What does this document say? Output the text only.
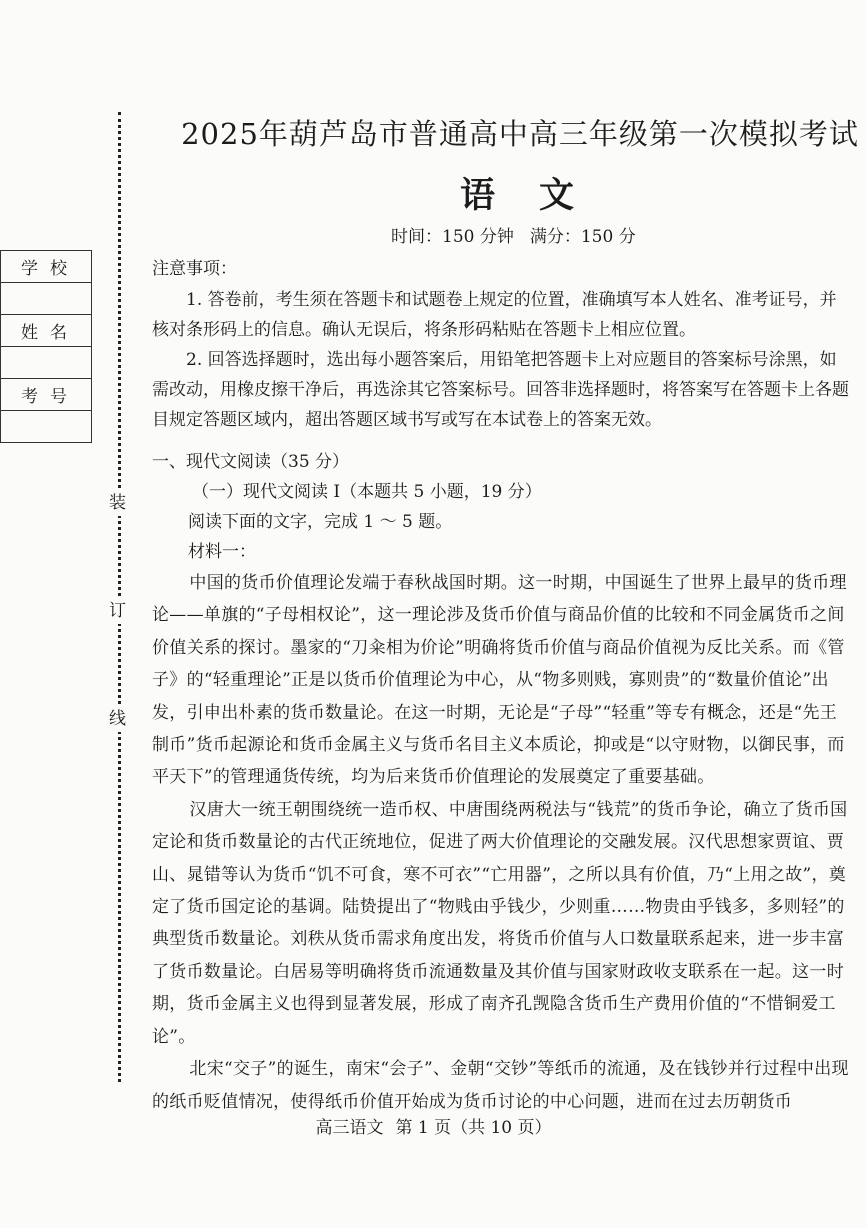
装
订
线
学校

姓名

考号

2025年葫芦岛市普通高中高三年级第一次模拟考试
语文
时间：150 分钟 满分：150 分

注意事项：

1. 答卷前，考生须在答题卡和试题卷上规定的位置，准确填写本人姓名、准考证号，并核对条形码上的信息。确认无误后，将条形码粘贴在答题卡上相应位置。

2. 回答选择题时，选出每小题答案后，用铅笔把答题卡上对应题目的答案标号涂黑，如需改动，用橡皮擦干净后，再选涂其它答案标号。回答非选择题时，将答案写在答题卡上各题目规定答题区域内，超出答题区域书写或写在本试卷上的答案无效。

一、现代文阅读（35 分）

（一）现代文阅读 Ⅰ（本题共 5 小题，19 分）

阅读下面的文字，完成 1 ～ 5 题。

材料一：

中国的货币价值理论发端于春秋战国时期。这一时期，中国诞生了世界上最早的货币理论——单旗的“子母相权论”，这一理论涉及货币价值与商品价值的比较和不同金属货币之间价值关系的探讨。墨家的“刀籴相为价论”明确将货币价值与商品价值视为反比关系。而《管子》的“轻重理论”正是以货币价值理论为中心，从“物多则贱，寡则贵”的“数量价值论”出发，引申出朴素的货币数量论。在这一时期，无论是“子母”“轻重”等专有概念，还是“先王制币”货币起源论和货币金属主义与货币名目主义本质论，抑或是“以守财物，以御民事，而平天下”的管理通货传统，均为后来货币价值理论的发展奠定了重要基础。

汉唐大一统王朝围绕统一造币权、中唐围绕两税法与“钱荒”的货币争论，确立了货币国定论和货币数量论的古代正统地位，促进了两大价值理论的交融发展。汉代思想家贾谊、贾山、晁错等认为货币“饥不可食，寒不可衣”“亡用器”，之所以具有价值，乃“上用之故”，奠定了货币国定论的基调。陆贽提出了“物贱由乎钱少，少则重……物贵由乎钱多，多则轻”的典型货币数量论。刘秩从货币需求角度出发，将货币价值与人口数量联系起来，进一步丰富了货币数量论。白居易等明确将货币流通数量及其价值与国家财政收支联系在一起。这一时期，货币金属主义也得到显著发展，形成了南齐孔觊隐含货币生产费用价值的“不惜铜爱工论”。

北宋“交子”的诞生，南宋“会子”、金朝“交钞”等纸币的流通，及在钱钞并行过程中出现的纸币贬值情况，使得纸币价值开始成为货币讨论的中心问题，进而在过去历朝货币

高三语文 第 1 页（共 10 页）
